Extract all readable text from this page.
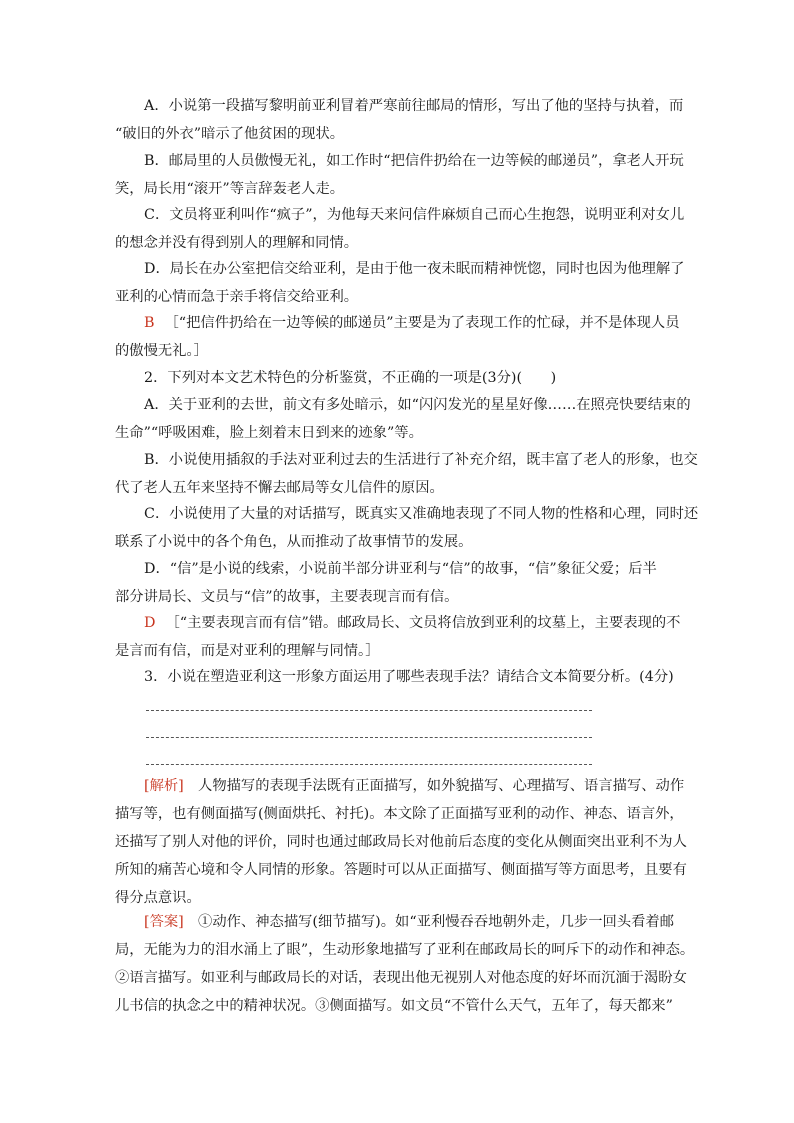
A．小说第一段描写黎明前亚利冒着严寒前往邮局的情形，写出了他的坚持与执着，而
“破旧的外衣”暗示了他贫困的现状。
B．邮局里的人员傲慢无礼，如工作时“把信件扔给在一边等候的邮递员”，拿老人开玩
笑，局长用“滚开”等言辞轰老人走。
C．文员将亚利叫作“疯子”，为他每天来问信件麻烦自己而心生抱怨，说明亚利对女儿
的想念并没有得到别人的理解和同情。
D．局长在办公室把信交给亚利，是由于他一夜未眠而精神恍惚，同时也因为他理解了
亚利的心情而急于亲手将信交给亚利。
B ［“把信件扔给在一边等候的邮递员”主要是为了表现工作的忙碌，并不是体现人员
的傲慢无礼。］
2．下列对本文艺术特色的分析鉴赏，不正确的一项是(3分)(　　)
A．关于亚利的去世，前文有多处暗示，如“闪闪发光的星星好像……在照亮快要结束的
生命”“呼吸困难，脸上刻着末日到来的迹象”等。
B．小说使用插叙的手法对亚利过去的生活进行了补充介绍，既丰富了老人的形象，也交
代了老人五年来坚持不懈去邮局等女儿信件的原因。
C．小说使用了大量的对话描写，既真实又准确地表现了不同人物的性格和心理，同时还
联系了小说中的各个角色，从而推动了故事情节的发展。
D．“信”是小说的线索，小说前半部分讲亚利与“信”的故事，“信”象征父爱；后半
部分讲局长、文员与“信”的故事，主要表现言而有信。
D ［“主要表现言而有信”错。邮政局长、文员将信放到亚利的坟墓上，主要表现的不
是言而有信，而是对亚利的理解与同情。］
3．小说在塑造亚利这一形象方面运用了哪些表现手法？请结合文本简要分析。(4分)
[解析]　人物描写的表现手法既有正面描写，如外貌描写、心理描写、语言描写、动作
描写等，也有侧面描写(侧面烘托、衬托)。本文除了正面描写亚利的动作、神态、语言外，
还描写了别人对他的评价，同时也通过邮政局长对他前后态度的变化从侧面突出亚利不为人
所知的痛苦心境和令人同情的形象。答题时可以从正面描写、侧面描写等方面思考，且要有
得分点意识。
[答案]　①动作、神态描写(细节描写)。如“亚利慢吞吞地朝外走，几步一回头看着邮
局，无能为力的泪水涌上了眼”，生动形象地描写了亚利在邮政局长的呵斥下的动作和神态。
②语言描写。如亚利与邮政局长的对话，表现出他无视别人对他态度的好坏而沉湎于渴盼女
儿书信的执念之中的精神状况。③侧面描写。如文员“不管什么天气，五年了，每天都来”
